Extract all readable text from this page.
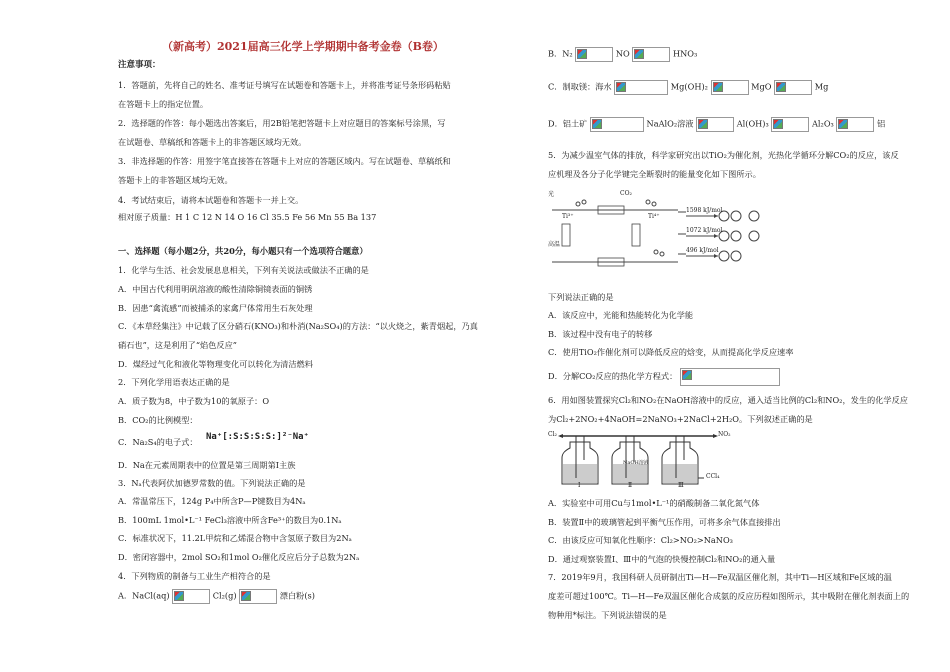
（新高考）2021届高三化学上学期期中备考金卷（B卷）
注意事项：
1．答题前，先将自己的姓名、准考证号填写在试题卷和答题卡上，并将准考证号条形码粘贴
在答题卡上的指定位置。
2．选择题的作答：每小题选出答案后，用2B铅笔把答题卡上对应题目的答案标号涂黑，写
在试题卷、草稿纸和答题卡上的非答题区域均无效。
3．非选择题的作答：用签字笔直接答在答题卡上对应的答题区域内。写在试题卷、草稿纸和
答题卡上的非答题区域均无效。
4．考试结束后，请将本试题卷和答题卡一并上交。
相对原子质量：H 1 C 12 N 14 O 16 Cl 35.5 Fe 56 Mn 55 Ba 137
一、选择题（每小题2分，共20分，每小题只有一个选项符合题意）
1．化学与生活、社会发展息息相关，下列有关说法或做法不正确的是
A．中国古代利用明矾溶液的酸性清除铜镜表面的铜锈
B．因患“禽流感”而被捕杀的家禽尸体常用生石灰处理
C．《本草经集注》中记载了区分硝石(KNO₃)和朴消(Na₂SO₄)的方法：“以火烧之，紫青烟起，乃真
硝石也”，这是利用了“焰色反应”
D．煤经过气化和液化等物理变化可以转化为清洁燃料
2．下列化学用语表达正确的是
A．质子数为8，中子数为10的氧原子：O
B．CO₂的比例模型：
C．Na₂S₄的电子式： Na⁺[:S:S:S:S:]²⁻Na⁺
D．Na在元素周期表中的位置是第三周期第Ⅰ主族
3．Nₐ代表阿伏加德罗常数的值。下列说法正确的是
A．常温常压下，124g P₄中所含P—P键数目为4Nₐ
B．100mL 1mol•L⁻¹ FeCl₃溶液中所含Fe³⁺的数目为0.1Nₐ
C．标准状况下，11.2L甲烷和乙烯混合物中含氢原子数目为2Nₐ
D．密闭容器中，2mol SO₂和1mol O₂催化反应后分子总数为2Nₐ
4．下列物质的制备与工业生产相符合的是
A．NaCl(aq)	Cl₂(g)	漂白粉(s)
B．N₂	NO	HNO₃
C．制取镁：海水	Mg(OH)₂	MgO	Mg
D．铝土矿	NaAlO₂溶液	Al(OH)₃	Al₂O₃	铝
5．为减少温室气体的排放，科学家研究出以TiO₂为催化剂，光热化学循环分解CO₂的反应，该反
应机理及各分子化学键完全断裂时的能量变化如下图所示。
光	CO₂
高温
Ti³⁺	Ti⁴⁺
1598 kJ/mol
1072 kJ/mol
496 kJ/mol
下列说法正确的是
A．该反应中，光能和热能转化为化学能
B．该过程中没有电子的转移
C．使用TiO₂作催化剂可以降低反应的焓变，从而提高化学反应速率
D．分解CO₂反应的热化学方程式：
6．用如图装置探究Cl₂和NO₂在NaOH溶液中的反应，通入适当比例的Cl₂和NO₂，发生的化学反应
为Cl₂+2NO₂+4NaOH=2NaNO₃+2NaCl+2H₂O。下列叙述正确的是
Cl₂	NO₂
Ⅰ	Ⅱ	Ⅲ
NaOH溶液
CCl₄
A．实验室中可用Cu与1mol•L⁻¹的硝酸制备二氧化氮气体
B．装置Ⅱ中的玻璃管起到平衡气压作用，可将多余气体直接排出
C．由该反应可知氧化性顺序：Cl₂>NO₂>NaNO₃
D．通过观察装置Ⅰ、Ⅲ中的气泡的快慢控制Cl₂和NO₂的通入量
7．2019年9月，我国科研人员研制出Ti—H—Fe双温区催化剂，其中Ti—H区域和Fe区域的温
度差可超过100℃。Ti—H—Fe双温区催化合成氨的反应历程如图所示，其中吸附在催化剂表面上的
物种用*标注。下列说法错误的是
